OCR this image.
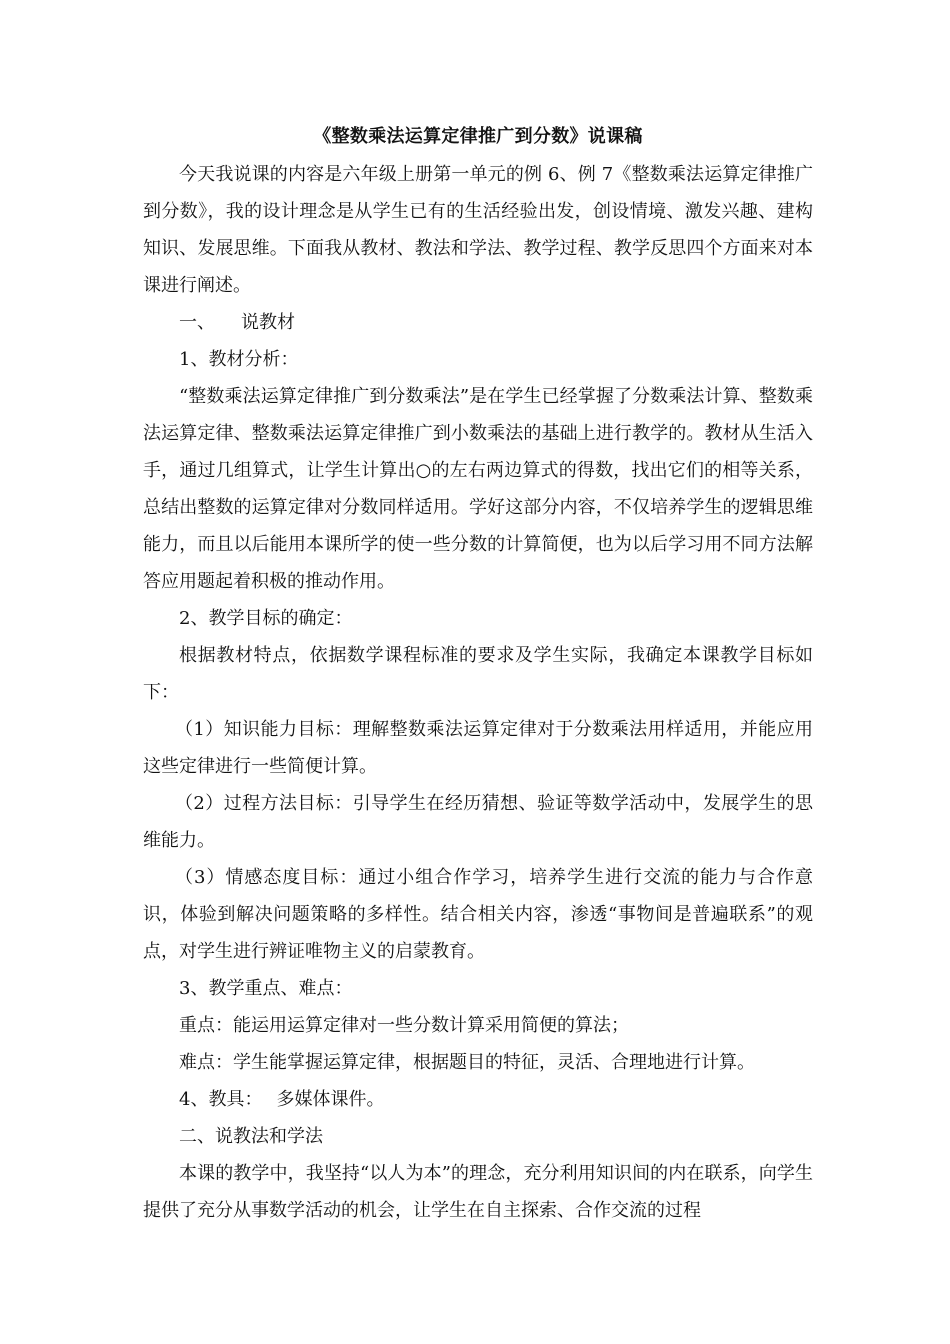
《整数乘法运算定律推广到分数》说课稿

今天我说课的内容是六年级上册第一单元的例 6、例 7《整数乘法运算定律推广到分数》，我的设计理念是从学生已有的生活经验出发，创设情境、激发兴趣、建构知识、发展思维。下面我从教材、教法和学法、教学过程、教学反思四个方面来对本课进行阐述。

一、 说教材

1、教材分析：

“整数乘法运算定律推广到分数乘法”是在学生已经掌握了分数乘法计算、整数乘法运算定律、整数乘法运算定律推广到小数乘法的基础上进行教学的。教材从生活入手，通过几组算式，让学生计算出○的左右两边算式的得数，找出它们的相等关系，总结出整数的运算定律对分数同样适用。学好这部分内容，不仅培养学生的逻辑思维能力，而且以后能用本课所学的使一些分数的计算简便，也为以后学习用不同方法解答应用题起着积极的推动作用。

2、教学目标的确定：

根据教材特点，依据数学课程标准的要求及学生实际，我确定本课教学目标如下：

（1）知识能力目标：理解整数乘法运算定律对于分数乘法用样适用，并能应用这些定律进行一些简便计算。

（2）过程方法目标：引导学生在经历猜想、验证等数学活动中，发展学生的思维能力。

（3）情感态度目标：通过小组合作学习，培养学生进行交流的能力与合作意识，体验到解决问题策略的多样性。结合相关内容，渗透“事物间是普遍联系”的观点，对学生进行辨证唯物主义的启蒙教育。

3、教学重点、难点：

重点：能运用运算定律对一些分数计算采用简便的算法；

难点：学生能掌握运算定律，根据题目的特征，灵活、合理地进行计算。

4、教具： 多媒体课件。

二、说教法和学法

本课的教学中，我坚持“以人为本”的理念，充分利用知识间的内在联系，向学生提供了充分从事数学活动的机会，让学生在自主探索、合作交流的过程
